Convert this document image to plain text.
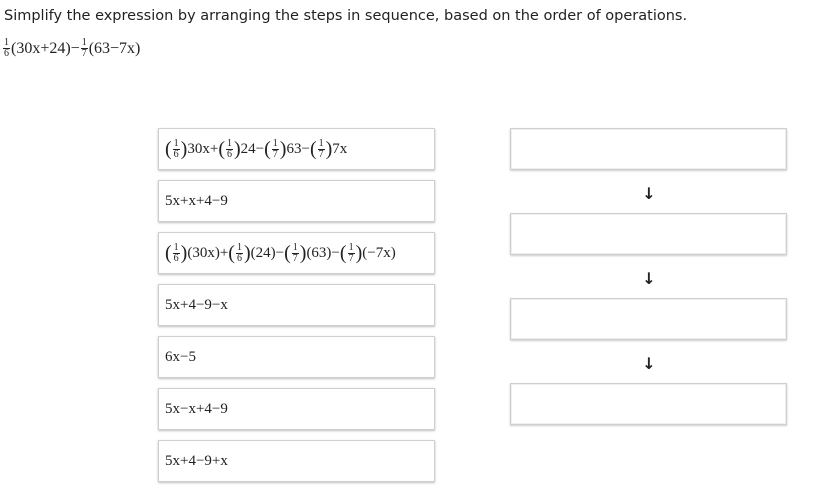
Simplify the expression by arranging the steps in sequence, based on the order of operations.
$\frac{1}{6} (30x+24)- \frac{1}{7} (63-7x)$
( $\frac{1}{6}$ ) 30x+ ( $\frac{1}{6}$ ) 24− ( $\frac{1}{7}$ ) 63− ( $\frac{1}{7}$ ) 7x
5x+x+4−9
( $\frac{1}{6}$ ) (30x)+ ( $\frac{1}{6}$ ) (24)− ( $\frac{1}{7}$ ) (63)− ( $\frac{1}{7}$ ) (−7x)
5x+4−9−x
6x−5
5x−x+4−9
5x+4−9+x
↓
↓
↓
